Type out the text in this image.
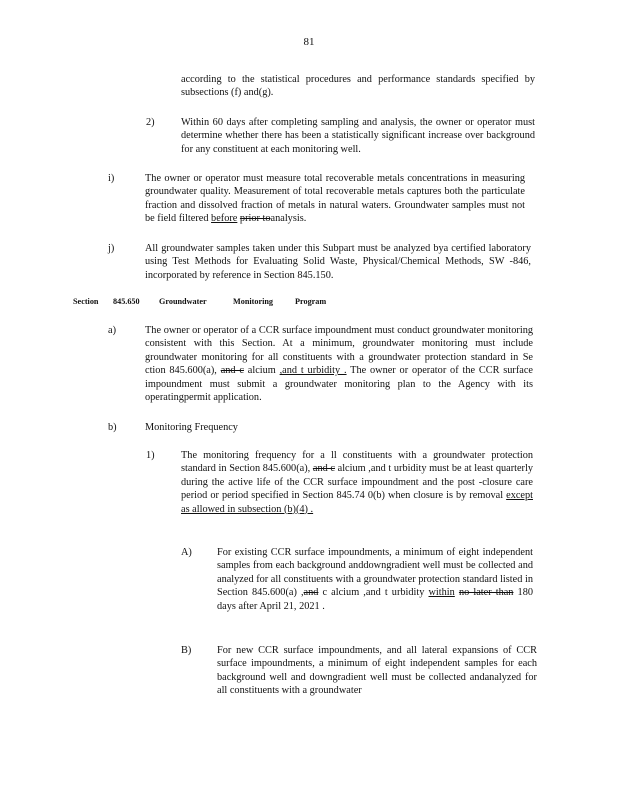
81
according to the statistical procedures and performance standards specified by subsections (f) and(g).
2)	Within 60 days after completing sampling and analysis, the owner or operator must determine whether there has been a statistically significant increase over background for any constituent at each monitoring well.
i)	The owner or operator must measure total recoverable metals concentrations in measuring groundwater quality. Measurement of total recoverable metals captures both the particulate fraction and dissolved fraction of metals in natural waters. Groundwater samples must not be field filtered before prior toanalysis.
j)	All groundwater samples taken under this Subpart must be analyzed bya certified laboratory using Test Methods for Evaluating Solid Waste, Physical/Chemical Methods, SW -846, incorporated by reference in Section 845.150.
Section 845.650 Groundwater	Monitoring	Program
a)	The owner or operator of a CCR surface impoundment must conduct groundwater monitoring consistent with this Section. At a minimum, groundwater monitoring must include groundwater monitoring for all constituents with a groundwater protection standard in Se ction 845.600(a), and c alcium ,and t urbidity . The owner or operator of the CCR surface impoundment must submit a groundwater monitoring plan to the Agency with its operatingpermit application.
b)	Monitoring Frequency
1)	The monitoring frequency for a ll constituents with a groundwater protection standard in Section 845.600(a), and c alcium ,and t urbidity must be at least quarterly during the active life of the CCR surface impoundment and the post -closure care period or period specified in Section 845.74 0(b) when closure is by removal except as allowed in subsection (b)(4) .
A) For existing CCR surface impoundments, a minimum of eight independent samples from each background anddowngradient well must be collected and analyzed for all constituents with a groundwater protection standard listed in Section 845.600(a) ,and c alcium ,and t urbidity within no later than 180 days after April 21, 2021 .
B) For new CCR surface impoundments, and all lateral expansions of CCR surface impoundments, a minimum of eight independent samples for each background well and downgradient well must be collected andanalyzed for all constituents with a groundwater
